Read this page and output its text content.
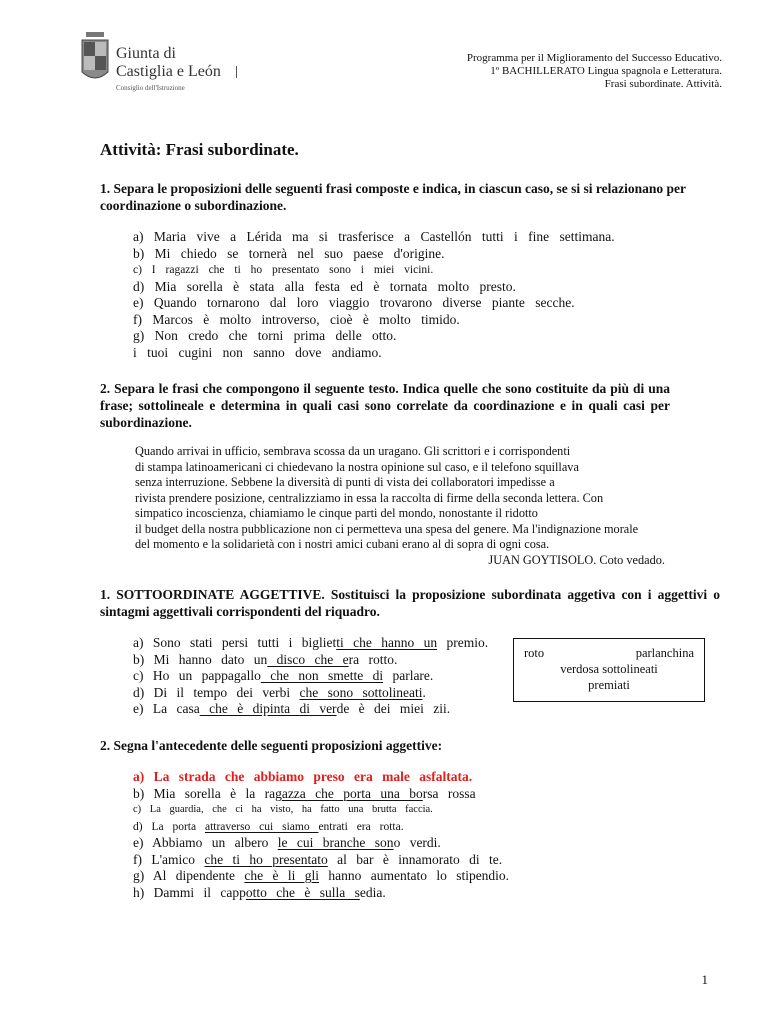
Giunta di
Castiglia e León
Consiglio dell'Istruzione
Programma per il Miglioramento del Successo Educativo.
1º BACHILLERATO Lingua spagnola e Letteratura.
Frasi subordinate. Attività.
Attività: Frasi subordinate.
1. Separa le proposizioni delle seguenti frasi composte e indica, in ciascun caso, se si si relazionano per coordinazione o subordinazione.
a) Maria vive a Lérida ma si trasferisce a Castellón tutti i fine settimana.
b) Mi chiedo se tornerà nel suo paese d'origine.
c) I ragazzi che ti ho presentato sono i miei vicini.
d) Mia sorella è stata alla festa ed è tornata molto presto.
e) Quando tornarono dal loro viaggio trovarono diverse piante secche.
f) Marcos è molto introverso, cioè è molto timido.
g) Non credo che torni prima delle otto.
i tuoi cugini non sanno dove andiamo.
2. Separa le frasi che compongono il seguente testo. Indica quelle che sono costituite da più di una frase; sottolineale e determina in quali casi sono correlate da coordinazione e in quali casi per subordinazione.
Quando arrivai in ufficio, sembrava scossa da un uragano. Gli scrittori e i corrispondenti
di stampa latinoamericani ci chiedevano la nostra opinione sul caso, e il telefono squillava
senza interruzione. Sebbene la diversità di punti di vista dei collaboratori impedisse a
rivista prendere posizione, centralizziamo in essa la raccolta di firme della seconda lettera. Con
simpatico incoscienza, chiamiamo le cinque parti del mondo, nonostante il ridotto
il budget della nostra pubblicazione non ci permetteva una spesa del genere. Ma l'indignazione morale
del momento e la solidarietà con i nostri amici cubani erano al di sopra di ogni cosa.
JUAN GOYTISOLO. Coto vedado.
1. SOTTOORDINATE AGGETTIVE. Sostituisci la proposizione subordinata aggetiva con i aggettivi o sintagmi aggettivali corrispondenti del riquadro.
a) Sono stati persi tutti i biglietti che hanno un premio.
b) Mi hanno dato un disco che era rotto.
c) Ho un pappagallo che non smette di parlare.
d) Di il tempo dei verbi che sono sottolineati.
e) La casa che è dipinta di verde è dei miei zii.
roto	parlanchina
verdosa sottolineati
premiati
2. Segna l'antecedente delle seguenti proposizioni aggettive:
a) La strada che abbiamo preso era male asfaltata.
b) Mia sorella è la ragazza che porta una borsa rossa
c) La guardia, che ci ha visto, ha fatto una brutta faccia.
d) La porta attraverso cui siamo entrati era rotta.
e) Abbiamo un albero le cui branche sono verdi.
f) L'amico che ti ho presentato al bar è innamorato di te.
g) Al dipendente che è li gli hanno aumentato lo stipendio.
h) Dammi il cappotto che è sulla sedia.
1
